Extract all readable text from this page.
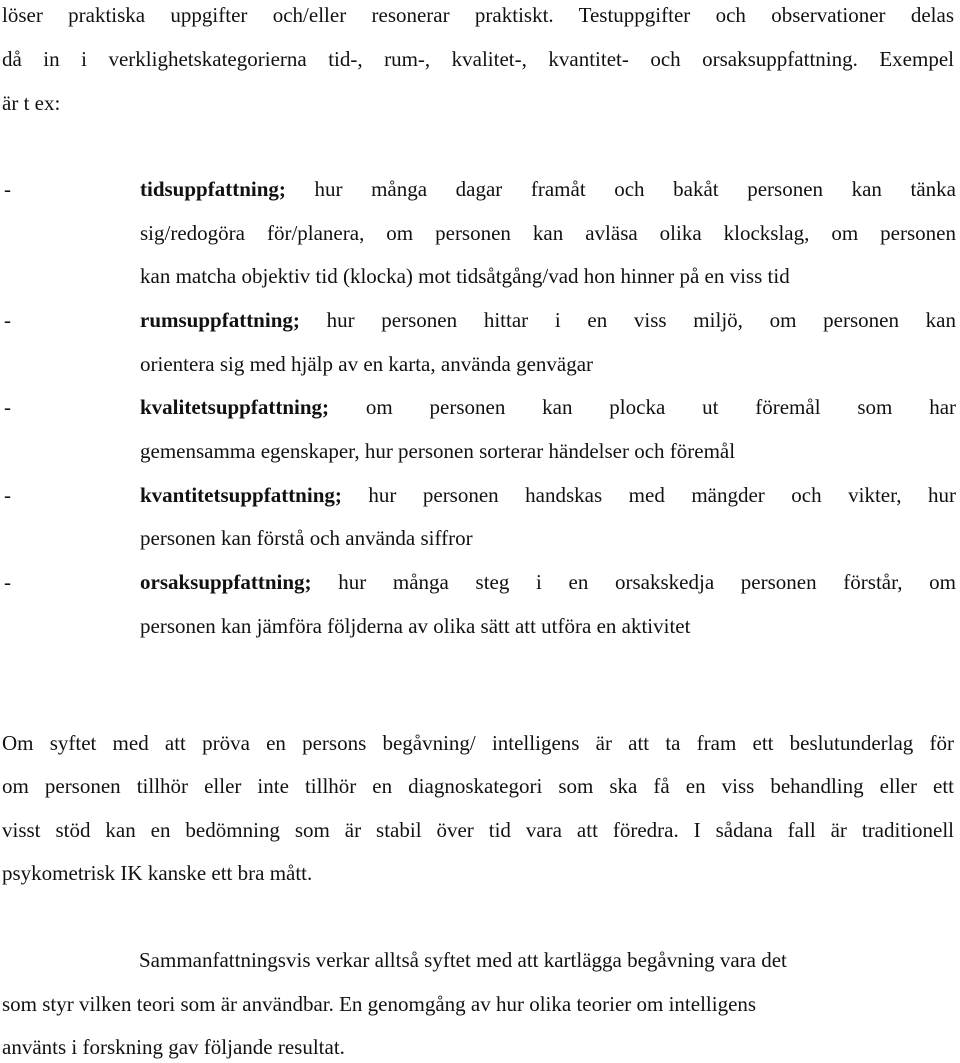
löser praktiska uppgifter och/eller resonerar praktiskt. Testuppgifter och observationer delas
då in i verklighetskategorierna tid-, rum-, kvalitet-, kvantitet- och orsaksuppfattning. Exempel
är t ex:
-	tidsuppfattning; hur många dagar framåt och bakåt personen kan tänka
sig/redogöra för/planera, om personen kan avläsa olika klockslag, om personen
kan matcha objektiv tid (klocka) mot tidsåtgång/vad hon hinner på en viss tid
-	rumsuppfattning; hur personen hittar i en viss miljö, om personen kan
orientera sig med hjälp av en karta, använda genvägar
-	kvalitetsuppfattning; om personen kan plocka ut föremål som har
gemensamma egenskaper, hur personen sorterar händelser och föremål
-	kvantitetsuppfattning; hur personen handskas med mängder och vikter, hur
personen kan förstå och använda siffror
-	orsaksuppfattning; hur många steg i en orsakskedja personen förstår, om
personen kan jämföra följderna av olika sätt att utföra en aktivitet
Om syftet med att pröva en persons begåvning/ intelligens är att ta fram ett beslutunderlag för
om personen tillhör eller inte tillhör en diagnoskategori som ska få en viss behandling eller ett
visst stöd kan en bedömning som är stabil över tid vara att föredra. I sådana fall är traditionell
psykometrisk IK kanske ett bra mått.
Sammanfattningsvis verkar alltså syftet med att kartlägga begåvning vara det
som styr vilken teori som är användbar. En genomgång av hur olika teorier om intelligens
använts i forskning gav följande resultat.
